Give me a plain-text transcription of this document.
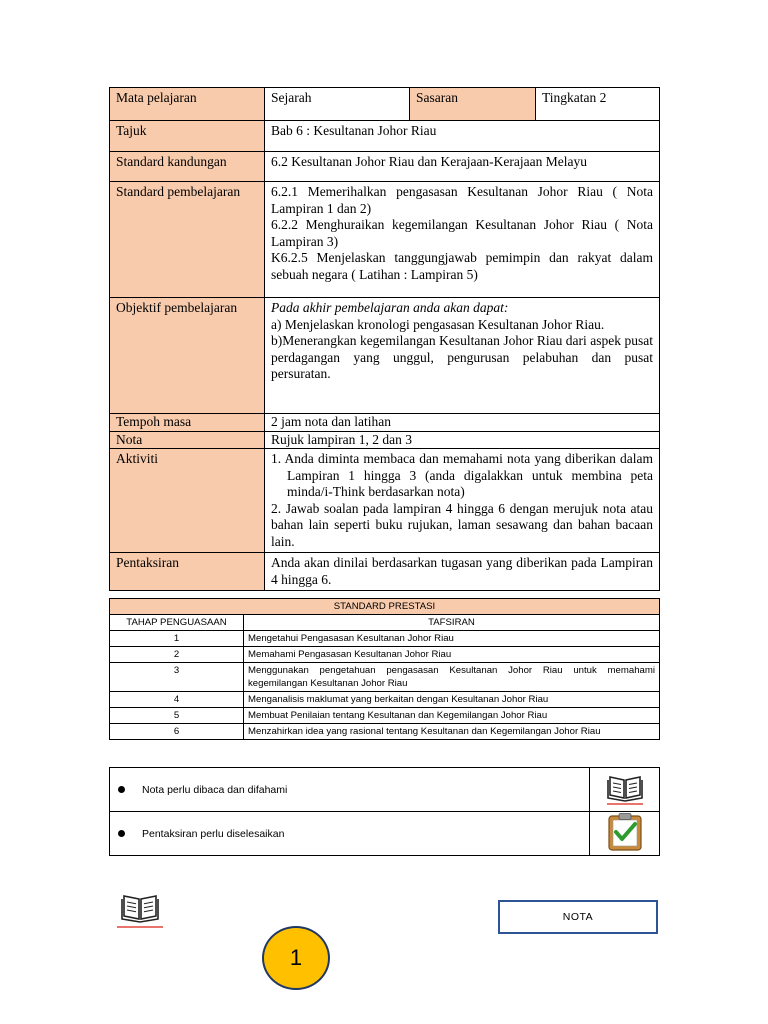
Mata pelajaran	Sejarah	Sasaran	Tingkatan 2
Tajuk	Bab 6 : Kesultanan Johor Riau		
Standard kandungan	6.2 Kesultanan Johor Riau dan Kerajaan-Kerajaan Melayu		
Standard pembelajaran	6.2.1 Memerihalkan pengasasan Kesultanan Johor Riau ( Nota Lampiran 1 dan 2)
6.2.2 Menghuraikan kegemilangan Kesultanan Johor Riau ( Nota Lampiran 3)
K6.2.5 Menjelaskan tanggungjawab pemimpin dan rakyat dalam sebuah negara ( Latihan : Lampiran 5)		

Objektif pembelajaran	Pada akhir pembelajaran anda akan dapat:
a) Menjelaskan kronologi pengasasan Kesultanan Johor Riau.
b)Menerangkan kegemilangan Kesultanan Johor Riau dari aspek pusat perdagangan yang unggul, pengurusan pelabuhan dan pusat persuratan.		

Tempoh masa	2 jam nota dan latihan		
Nota	Rujuk lampiran 1, 2 dan 3		
Aktiviti	1. Anda diminta membaca dan memahami nota yang diberikan dalam Lampiran 1 hingga 3 (anda digalakkan untuk membina peta minda/i-Think berdasarkan nota)
2. Jawab soalan pada lampiran 4 hingga 6 dengan merujuk nota atau bahan lain seperti buku rujukan, laman sesawang dan bahan bacaan lain.		

Pentaksiran	Anda akan dinilai berdasarkan tugasan yang diberikan pada Lampiran 4 hingga 6.		
STANDARD PRESTASI	
TAHAP PENGUASAAN	TAFSIRAN
1	Mengetahui Pengasasan Kesultanan Johor Riau
2	Memahami Pengasasan Kesultanan Johor Riau
3	Menggunakan pengetahuan pengasasan Kesultanan Johor Riau untuk memahami kegemilangan Kesultanan Johor Riau
4	Menganalisis maklumat yang berkaitan dengan Kesultanan Johor Riau
5	Membuat Penilaian tentang Kesultanan dan Kegemilangan Johor Riau
6	Menzahirkan idea yang rasional tentang Kesultanan dan Kegemilangan Johor Riau
Nota perlu dibaca dan difahami	
Pentaksiran perlu diselesaikan	
NOTA
1
